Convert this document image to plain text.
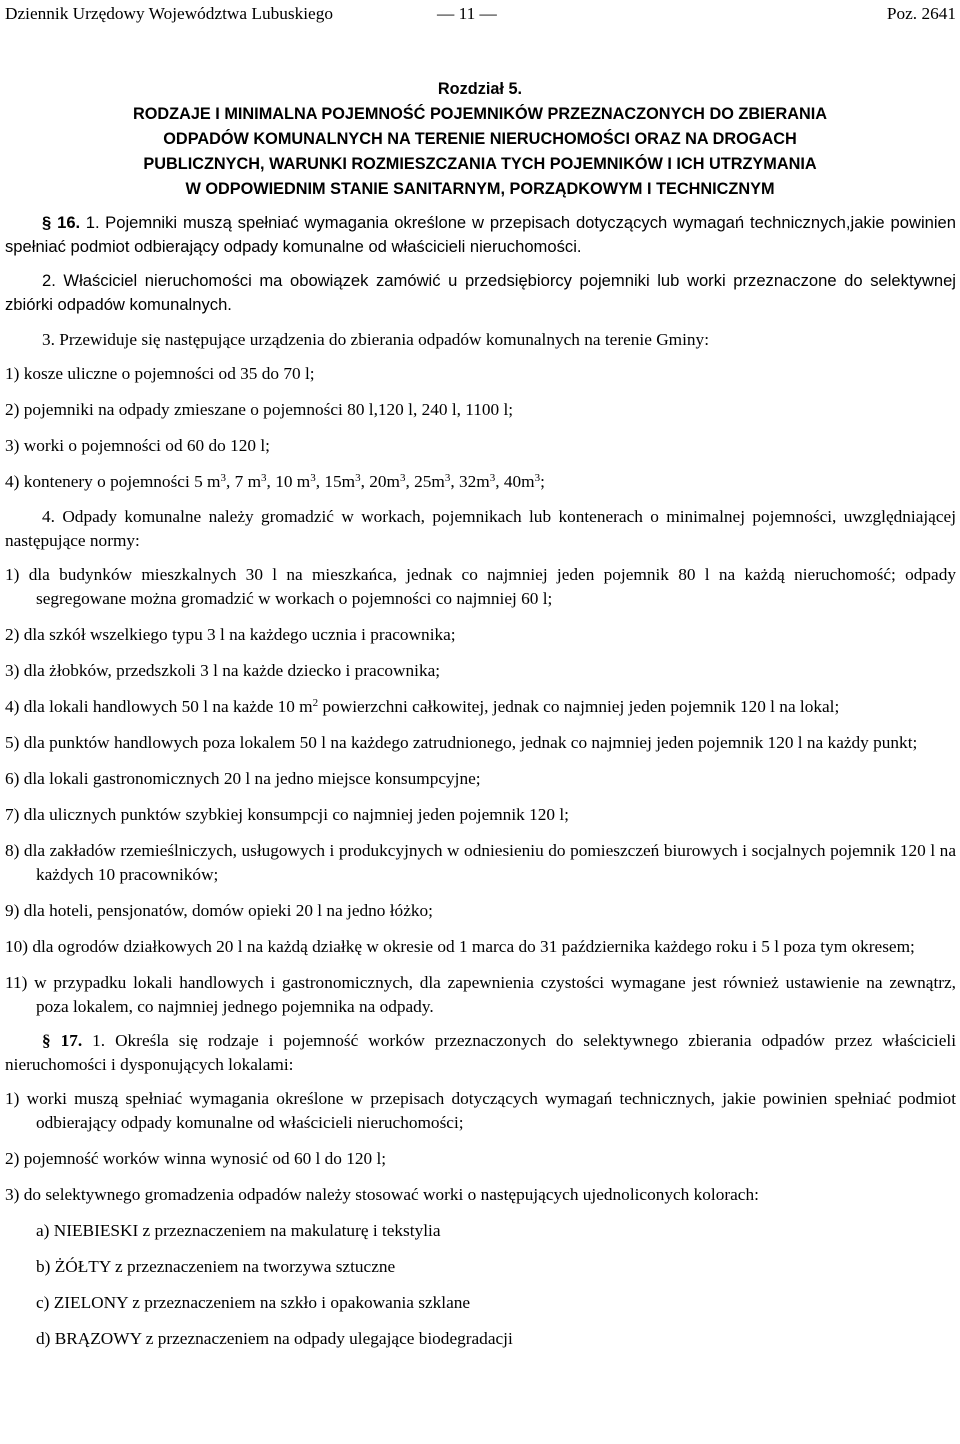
Dziennik Urzędowy Województwa Lubuskiego	— 11 —	Poz. 2641
Rozdział 5.
RODZAJE I MINIMALNA POJEMNOŚĆ POJEMNIKÓW PRZEZNACZONYCH DO ZBIERANIA
ODPADÓW KOMUNALNYCH NA TERENIE NIERUCHOMOŚCI ORAZ NA DROGACH
PUBLICZNYCH, WARUNKI ROZMIESZCZANIA TYCH POJEMNIKÓW I ICH UTRZYMANIA
W ODPOWIEDNIM STANIE SANITARNYM, PORZĄDKOWYM I TECHNICZNYM

§ 16. 1. Pojemniki muszą spełniać wymagania określone w przepisach dotyczących wymagań technicznych,jakie powinien spełniać podmiot odbierający odpady komunalne od właścicieli nieruchomości.

2. Właściciel nieruchomości ma obowiązek zamówić u przedsiębiorcy pojemniki lub worki przeznaczone do selektywnej zbiórki odpadów komunalnych.

3. Przewiduje się następujące urządzenia do zbierania odpadów komunalnych na terenie Gminy:

1) kosze uliczne o pojemności od 35 do 70 l;

2) pojemniki na odpady zmieszane o pojemności 80 l,120 l, 240 l, 1100 l;

3) worki o pojemności od 60 do 120 l;

4) kontenery o pojemności 5 $m^3$, 7 $m^3$, 10 $m^3$, $15m^3$, $20m^3$, $25m^3$, $32m^3$, $40m^3$;

4. Odpady komunalne należy gromadzić w workach, pojemnikach lub kontenerach o minimalnej pojemności, uwzględniającej następujące normy:

1) dla budynków mieszkalnych 30 l na mieszkańca, jednak co najmniej jeden pojemnik 80 l na każdą nieruchomość; odpady segregowane można gromadzić w workach o pojemności co najmniej 60 l;

2) dla szkół wszelkiego typu 3 l na każdego ucznia i pracownika;

3) dla żłobków, przedszkoli 3 l na każde dziecko i pracownika;

4) dla lokali handlowych 50 l na każde 10 $m^2$ powierzchni całkowitej, jednak co najmniej jeden pojemnik 120 l na lokal;

5) dla punktów handlowych poza lokalem 50 l na każdego zatrudnionego, jednak co najmniej jeden pojemnik 120 l na każdy punkt;

6) dla lokali gastronomicznych 20 l na jedno miejsce konsumpcyjne;

7) dla ulicznych punktów szybkiej konsumpcji co najmniej jeden pojemnik 120 l;

8) dla zakładów rzemieślniczych, usługowych i produkcyjnych w odniesieniu do pomieszczeń biurowych i socjalnych pojemnik 120 l na każdych 10 pracowników;

9) dla hoteli, pensjonatów, domów opieki 20 l na jedno łóżko;

10) dla ogrodów działkowych 20 l na każdą działkę w okresie od 1 marca do 31 października każdego roku i 5 l poza tym okresem;

11) w przypadku lokali handlowych i gastronomicznych, dla zapewnienia czystości wymagane jest również ustawienie na zewnątrz, poza lokalem, co najmniej jednego pojemnika na odpady.

§ 17. 1. Określa się rodzaje i pojemność worków przeznaczonych do selektywnego zbierania odpadów przez właścicieli nieruchomości i dysponujących lokalami:

1) worki muszą spełniać wymagania określone w przepisach dotyczących wymagań technicznych, jakie powinien spełniać podmiot odbierający odpady komunalne od właścicieli nieruchomości;

2) pojemność worków winna wynosić od 60 l do 120 l;

3) do selektywnego gromadzenia odpadów należy stosować worki o następujących ujednoliconych kolorach:

a) NIEBIESKI z przeznaczeniem na makulaturę i tekstylia

b) ŻÓŁTY z przeznaczeniem na tworzywa sztuczne

c) ZIELONY z przeznaczeniem na szkło i opakowania szklane

d) BRĄZOWY z przeznaczeniem na odpady ulegające biodegradacji
